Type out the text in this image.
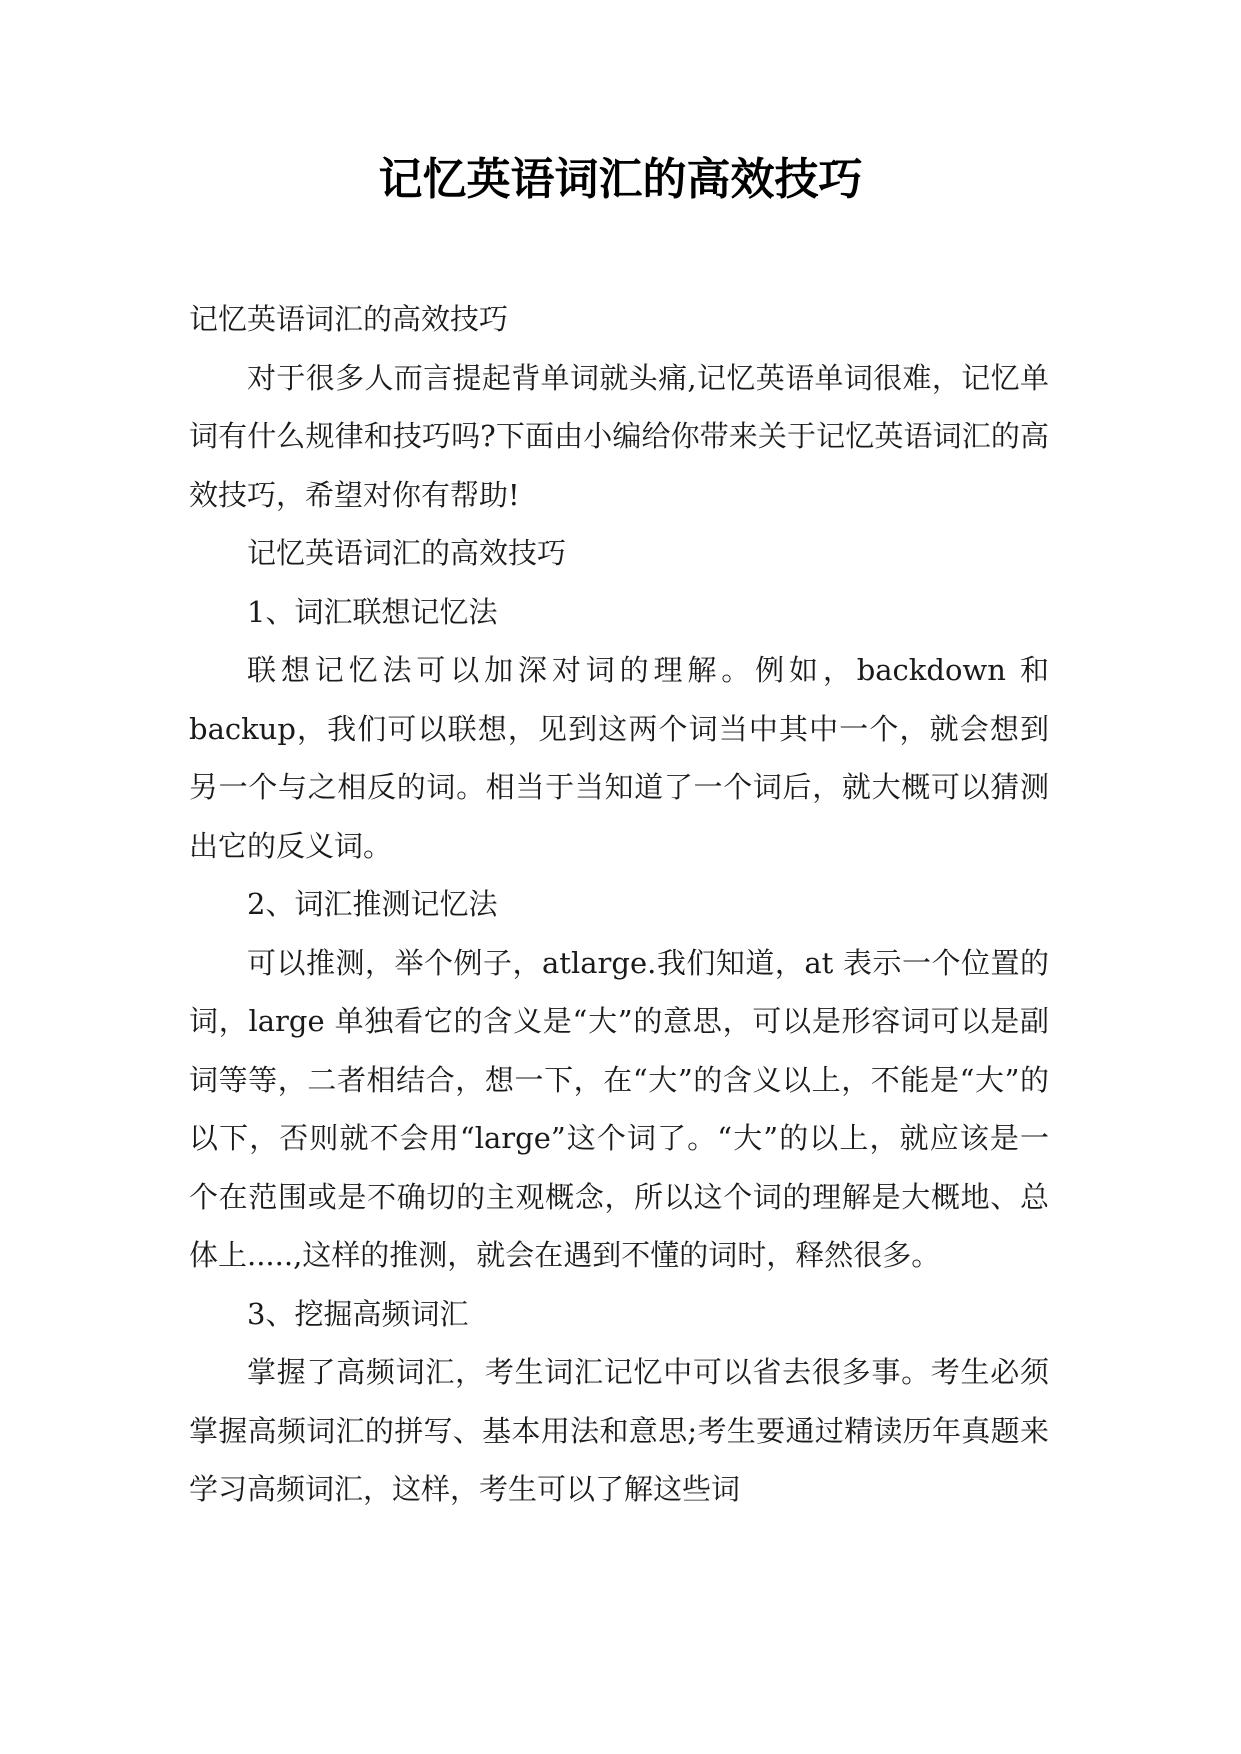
记忆英语词汇的高效技巧

记忆英语词汇的高效技巧

对于很多人而言提起背单词就头痛,记忆英语单词很难，记忆单词有什么规律和技巧吗?下面由小编给你带来关于记忆英语词汇的高效技巧，希望对你有帮助!

记忆英语词汇的高效技巧

1、词汇联想记忆法

联想记忆法可以加深对词的理解。例如，backdown 和 backup，我们可以联想，见到这两个词当中其中一个，就会想到另一个与之相反的词。相当于当知道了一个词后，就大概可以猜测出它的反义词。

2、词汇推测记忆法

可以推测，举个例子，atlarge.我们知道，at 表示一个位置的词，large 单独看它的含义是“大”的意思，可以是形容词可以是副词等等，二者相结合，想一下，在“大”的含义以上，不能是“大”的以下，否则就不会用“large”这个词了。“大”的以上，就应该是一个在范围或是不确切的主观概念，所以这个词的理解是大概地、总体上.....,这样的推测，就会在遇到不懂的词时，释然很多。

3、挖掘高频词汇

掌握了高频词汇，考生词汇记忆中可以省去很多事。考生必须掌握高频词汇的拼写、基本用法和意思;考生要通过精读历年真题来学习高频词汇，这样，考生可以了解这些词
